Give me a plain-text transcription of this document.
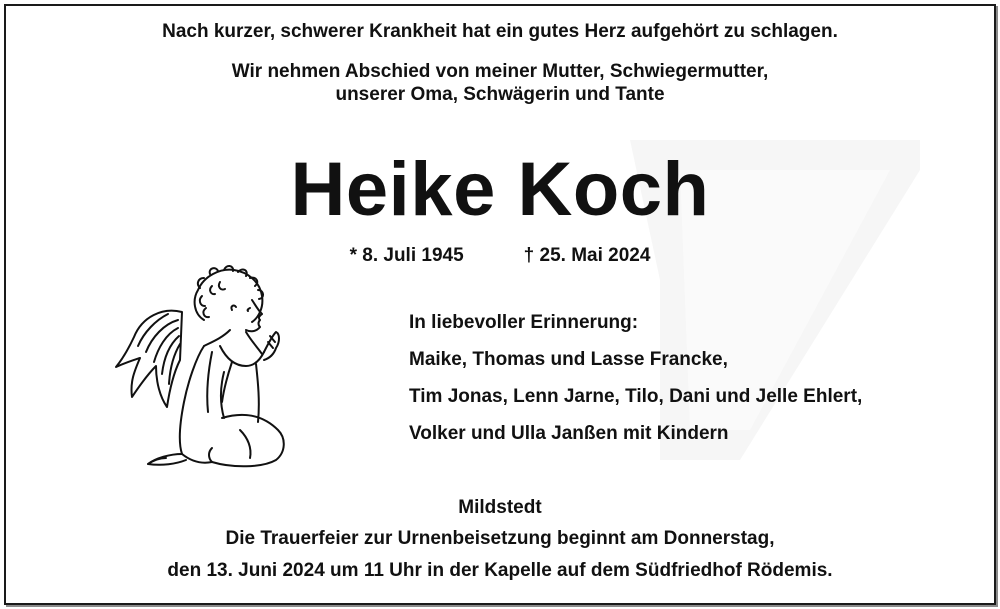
Nach kurzer, schwerer Krankheit hat ein gutes Herz aufgehört zu schlagen.
Wir nehmen Abschied von meiner Mutter, Schwiegermutter,
unserer Oma, Schwägerin und Tante
Heike Koch
* 8. Juli 1945	† 25. Mai 2024
In liebevoller Erinnerung:
Maike, Thomas und Lasse Francke,
Tim Jonas, Lenn Jarne, Tilo, Dani und Jelle Ehlert,
Volker und Ulla Janßen mit Kindern
Mildstedt
Die Trauerfeier zur Urnenbeisetzung beginnt am Donnerstag,
den 13. Juni 2024 um 11 Uhr in der Kapelle auf dem Südfriedhof Rödemis.
